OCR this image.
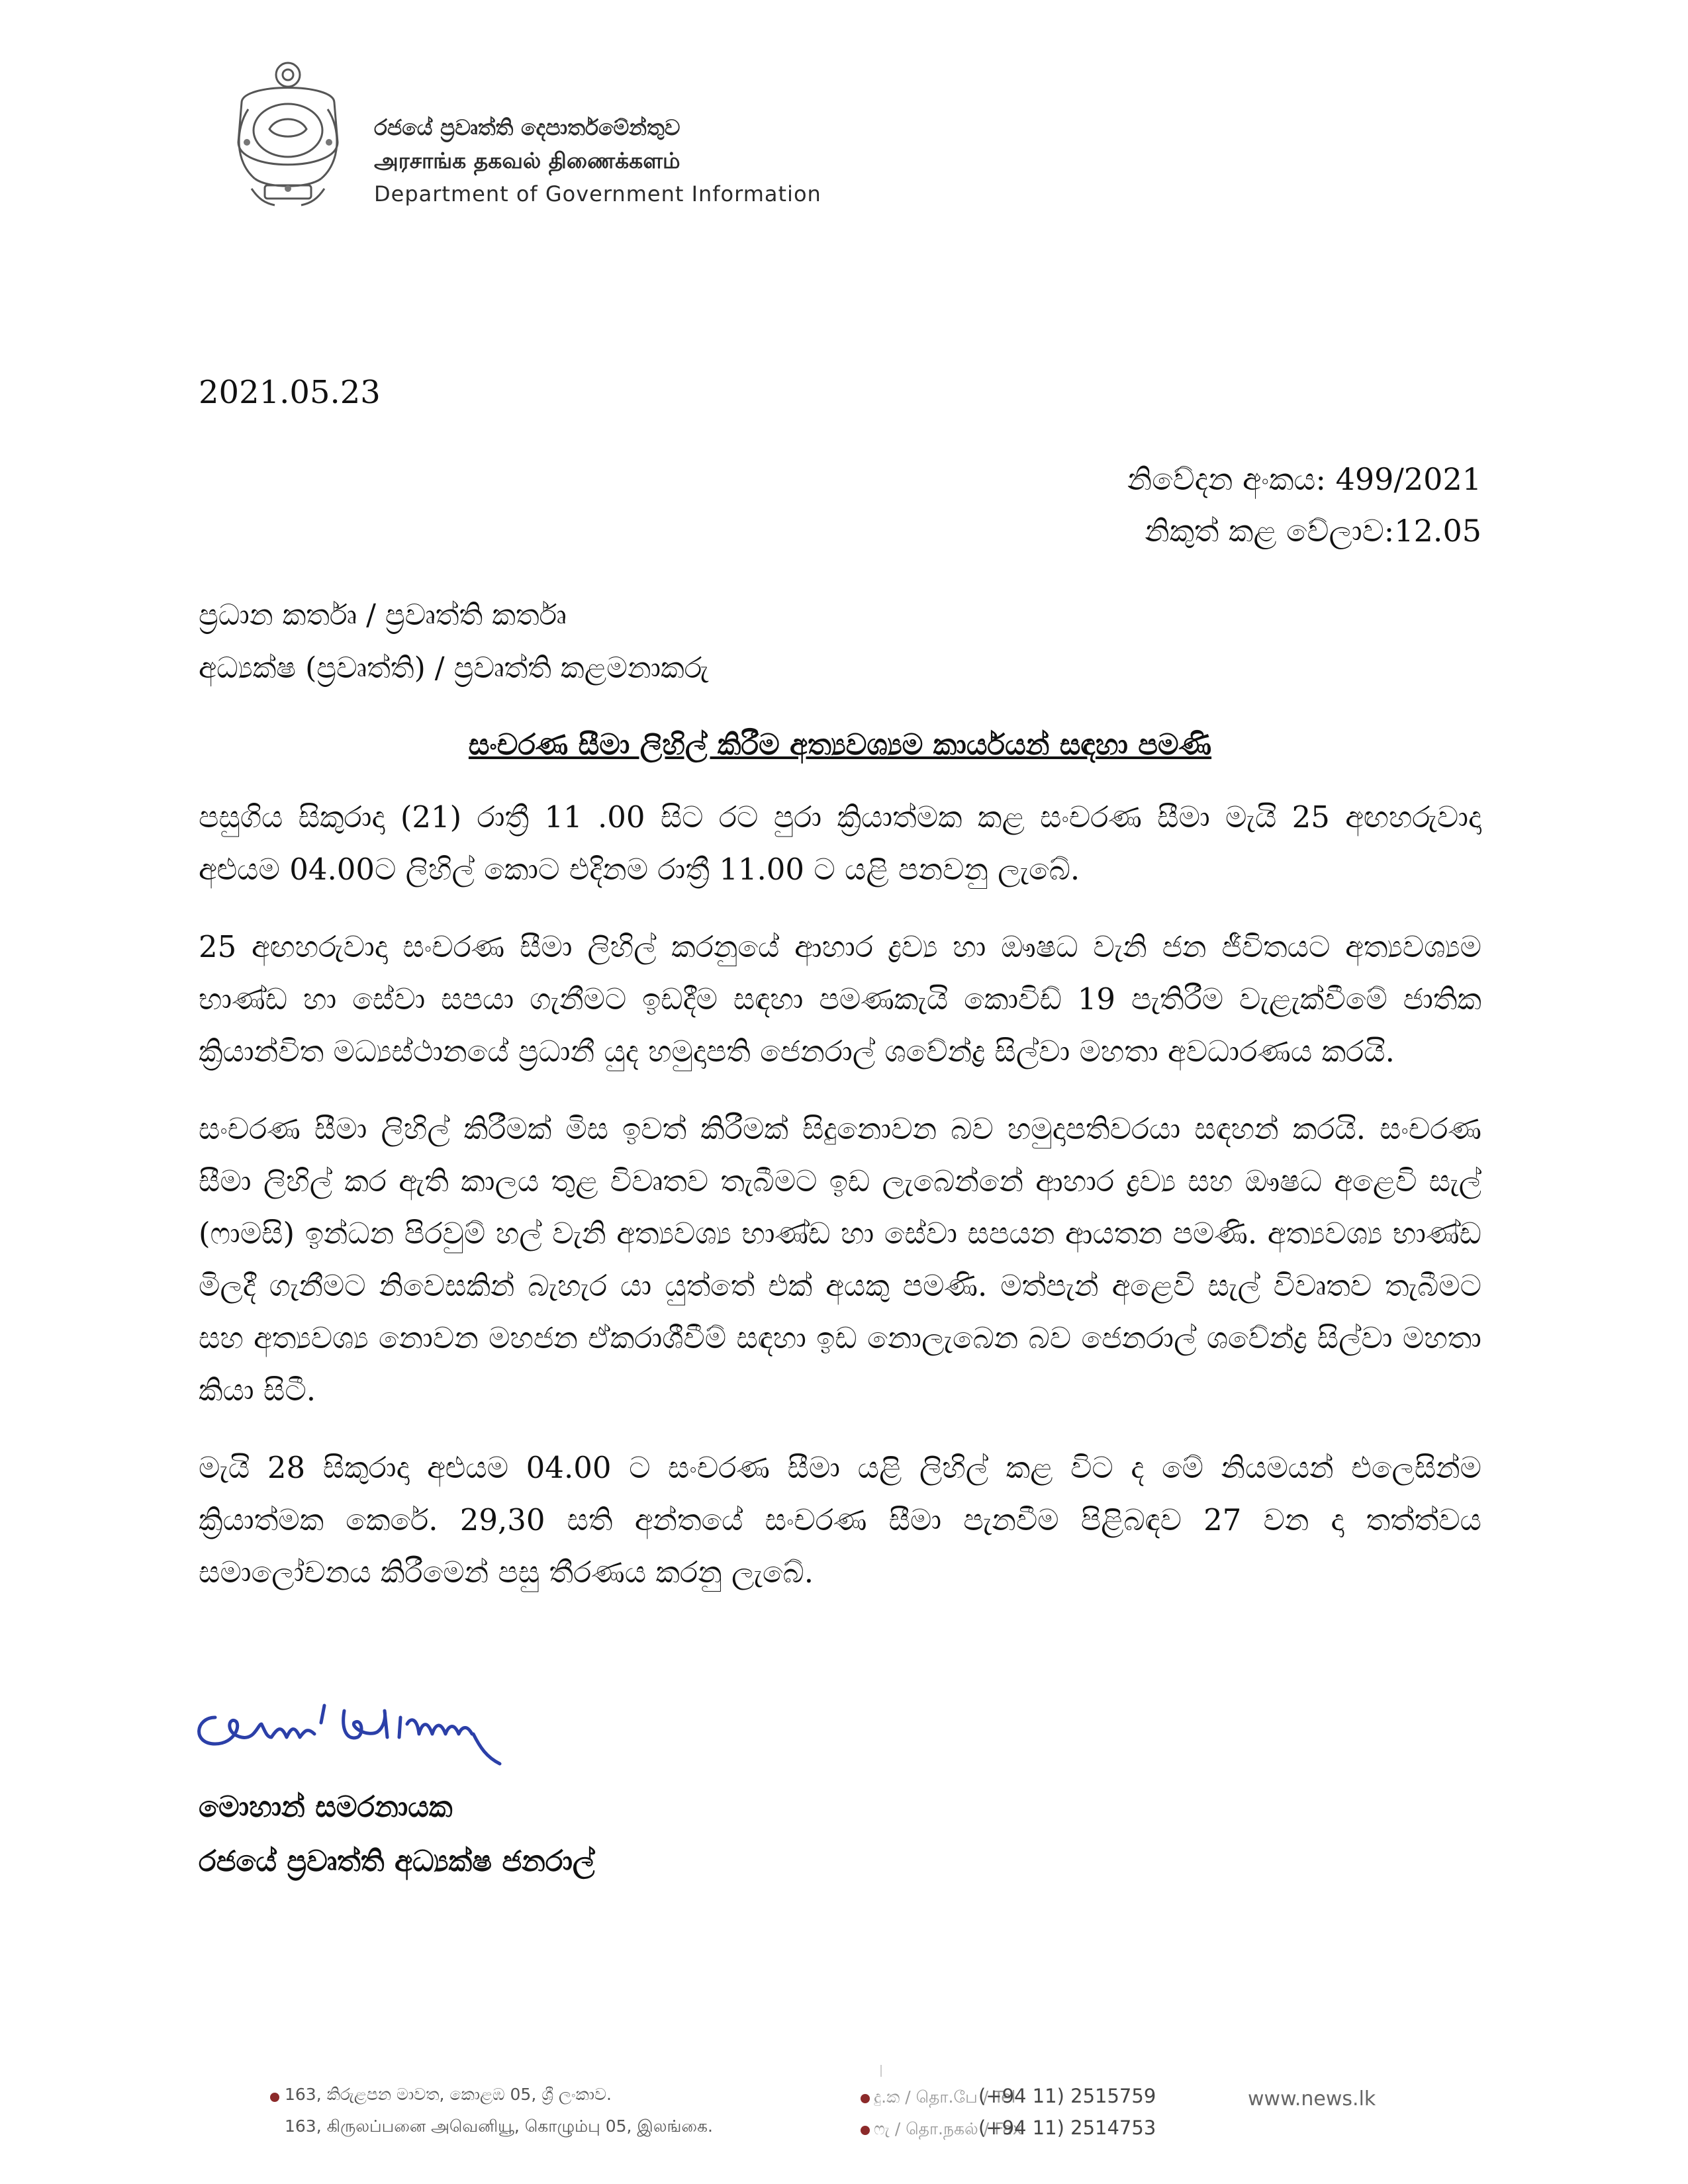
රජයේ ප්‍රවෘත්ති දෙපාර්තමේන්තුව
அரசாங்க தகவல் திணைக்களம்
Department of Government Information
2021.05.23
නිවේදන අංකය: 499/2021
නිකුත් කළ වේලාව:12.05
ප්‍රධාන කර්තෘ / ප්‍රවෘත්ති කර්තෘ
අධ්‍යක්ෂ (ප්‍රවෘත්ති) / ප්‍රවෘත්ති කළමනාකරු
සංචරණ සීමා ලිහිල් කිරීම අත්‍යවශ්‍යම කාර්යයන් සඳහා පමණි

පසුගිය සිකුරාදා (21) රාත්‍රී 11 .00 සිට රට පුරා ක්‍රියාත්මක කළ සංචරණ සීමා මැයි 25 අඟහරුවාදා අළුයම 04.00ට ලිහිල් කොට එදිනම රාත්‍රී 11.00 ට යළි පනවනු ලැබේ.

25 අඟහරුවාදා සංචරණ සීමා ලිහිල් කරනුයේ ආහාර ද්‍රව්‍ය හා ඖෂධ වැනි ජන ජීවිතයට අත්‍යවශ්‍යම භාණ්ඩ හා සේවා සපයා ගැනීමට ඉඩදීම සඳහා පමණකැයි කොවිඩ් 19 පැතිරීම වැළැක්වීමේ ජාතික ක්‍රියාන්විත මධ්‍යස්ථානයේ ප්‍රධානී යුද හමුදාපති ජෙනරාල් ශවේන්ද්‍ර සිල්වා මහතා අවධාරණය කරයි.

සංචරණ සීමා ලිහිල් කිරීමක් මිස ඉවත් කිරීමක් සිදුනොවන බව හමුදාපතිවරයා සඳහන් කරයි. සංචරණ සීමා ලිහිල් කර ඇති කාලය තුළ විවෘතව තැබීමට ඉඩ ලැබෙන්නේ ආහාර ද්‍රව්‍ය සහ ඖෂධ අළෙවි සැල් (ෆාමසි) ඉන්ධන පිරවුම් හල් වැනි අත්‍යවශ්‍ය භාණ්ඩ හා සේවා සපයන ආයතන පමණි. අත්‍යවශ්‍ය භාණ්ඩ මිලදී ගැනීමට නිවෙසකින් බැහැර යා යුත්තේ එක් අයකු පමණි. මත්පැන් අළෙවි සැල් විවෘතව තැබීමට සහ අත්‍යවශ්‍ය නොවන මහජන ඒකරාශීවීම් සඳහා ඉඩ නොලැබෙන බව ජෙනරාල් ශවේන්ද්‍ර සිල්වා මහතා කියා සිටී.

මැයි 28 සිකුරාදා අළුයම 04.00 ට සංචරණ සීමා යළි ලිහිල් කළ විට ද මේ නියමයන් එලෙසින්ම ක්‍රියාත්මක කෙරේ. 29,30 සති අන්තයේ සංචරණ සීමා පැනවීම පිළිබඳව 27 වන දා තත්ත්වය සමාලෝචනය කිරීමෙන් පසු තීරණය කරනු ලැබේ.

මොහාන් සමරනායක
රජයේ ප්‍රවෘත්ති අධ්‍යක්ෂ ජනරාල්
163, කිරුළපන මාවත, කොළඹ 05, ශ්‍රී ලංකාව.
163, கிருலப்பனை அவெனியூ, கொழும்பு 05, இலங்கை.
දු.ක / தொ.பே / Tel (+94 11) 2515759
ෆැ / தொ.நகல் / Fax (+94 11) 2514753
www.news.lk
